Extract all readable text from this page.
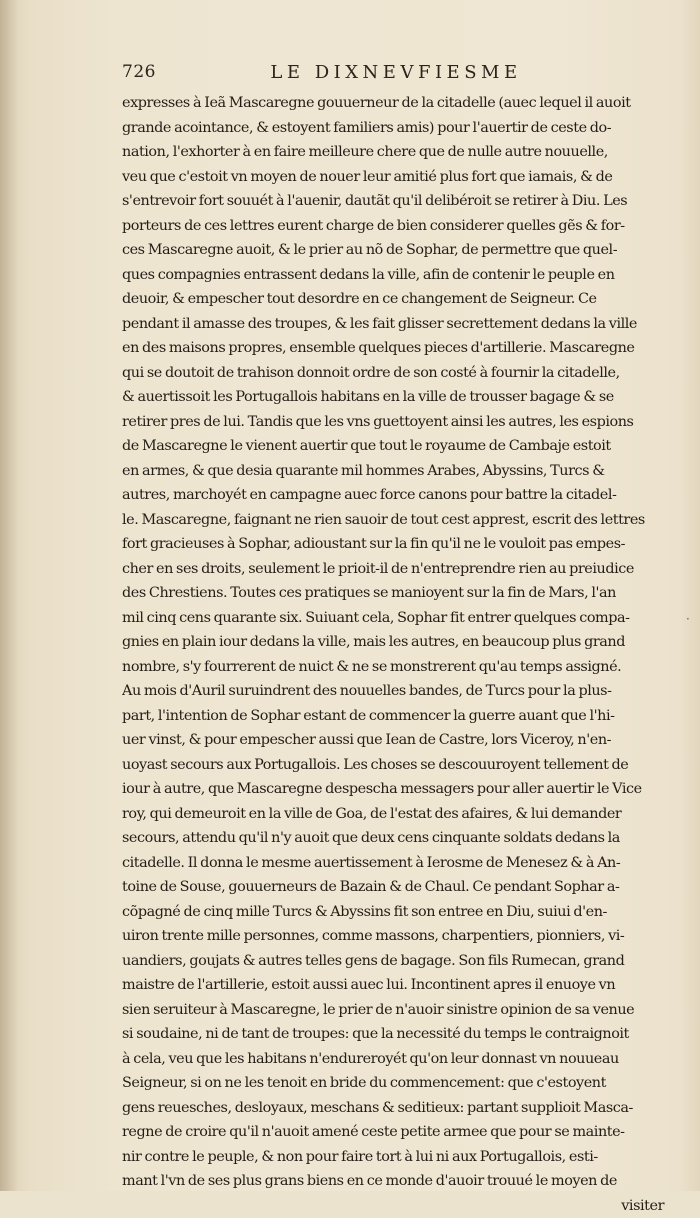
726	LE DIXNEVFIESME
expresses à Ieã Mascaregne gouuerneur de la citadelle (auec lequel il auoit
grande acointance, & estoyent familiers amis) pour l'auertir de ceste do-
nation, l'exhorter à en faire meilleure chere que de nulle autre nouuelle,
veu que c'estoit vn moyen de nouer leur amitié plus fort que iamais, & de
s'entrevoir fort souuét à l'auenir, dautãt qu'il delibéroit se retirer à Diu. Les
porteurs de ces lettres eurent charge de bien considerer quelles gẽs & for-
ces Mascaregne auoit, & le prier au nõ de Sophar, de permettre que quel-
ques compagnies entrassent dedans la ville, afin de contenir le peuple en
deuoir, & empescher tout desordre en ce changement de Seigneur. Ce
pendant il amasse des troupes, & les fait glisser secrettement dedans la ville
en des maisons propres, ensemble quelques pieces d'artillerie. Mascaregne
qui se doutoit de trahison donnoit ordre de son costé à fournir la citadelle,
& auertissoit les Portugallois habitans en la ville de trousser bagage & se
retirer pres de lui. Tandis que les vns guettoyent ainsi les autres, les espions
de Mascaregne le vienent auertir que tout le royaume de Cambaje estoit
en armes, & que desia quarante mil hommes Arabes, Abyssins, Turcs &
autres, marchoyét en campagne auec force canons pour battre la citadel-
le. Mascaregne, faignant ne rien sauoir de tout cest apprest, escrit des lettres
fort gracieuses à Sophar, adioustant sur la fin qu'il ne le vouloit pas empes-
cher en ses droits, seulement le prioit-il de n'entreprendre rien au preiudice
des Chrestiens. Toutes ces pratiques se manioyent sur la fin de Mars, l'an
mil cinq cens quarante six. Suiuant cela, Sophar fit entrer quelques compa-
gnies en plain iour dedans la ville, mais les autres, en beaucoup plus grand
nombre, s'y fourrerent de nuict & ne se monstrerent qu'au temps assigné.
Au mois d'Auril suruindrent des nouuelles bandes, de Turcs pour la plus-
part, l'intention de Sophar estant de commencer la guerre auant que l'hi-
uer vinst, & pour empescher aussi que Iean de Castre, lors Viceroy, n'en-
uoyast secours aux Portugallois. Les choses se descouuroyent tellement de
iour à autre, que Mascaregne despescha messagers pour aller auertir le Vice
roy, qui demeuroit en la ville de Goa, de l'estat des afaires, & lui demander
secours, attendu qu'il n'y auoit que deux cens cinquante soldats dedans la
citadelle. Il donna le mesme auertissement à Ierosme de Menesez & à An-
toine de Souse, gouuerneurs de Bazain & de Chaul. Ce pendant Sophar a-
cõpagné de cinq mille Turcs & Abyssins fit son entree en Diu, suiui d'en-
uiron trente mille personnes, comme massons, charpentiers, pionniers, vi-
uandiers, goujats & autres telles gens de bagage. Son fils Rumecan, grand
maistre de l'artillerie, estoit aussi auec lui. Incontinent apres il enuoye vn
sien seruiteur à Mascaregne, le prier de n'auoir sinistre opinion de sa venue
si soudaine, ni de tant de troupes: que la necessité du temps le contraignoit
à cela, veu que les habitans n'endureroyét qu'on leur donnast vn nouueau
Seigneur, si on ne les tenoit en bride du commencement: que c'estoyent
gens reuesches, desloyaux, meschans & seditieux: partant supplioit Masca-
regne de croire qu'il n'auoit amené ceste petite armee que pour se mainte-
nir contre le peuple, & non pour faire tort à lui ni aux Portugallois, esti-
mant l'vn de ses plus grans biens en ce monde d'auoir trouué le moyen de
visiter
·
